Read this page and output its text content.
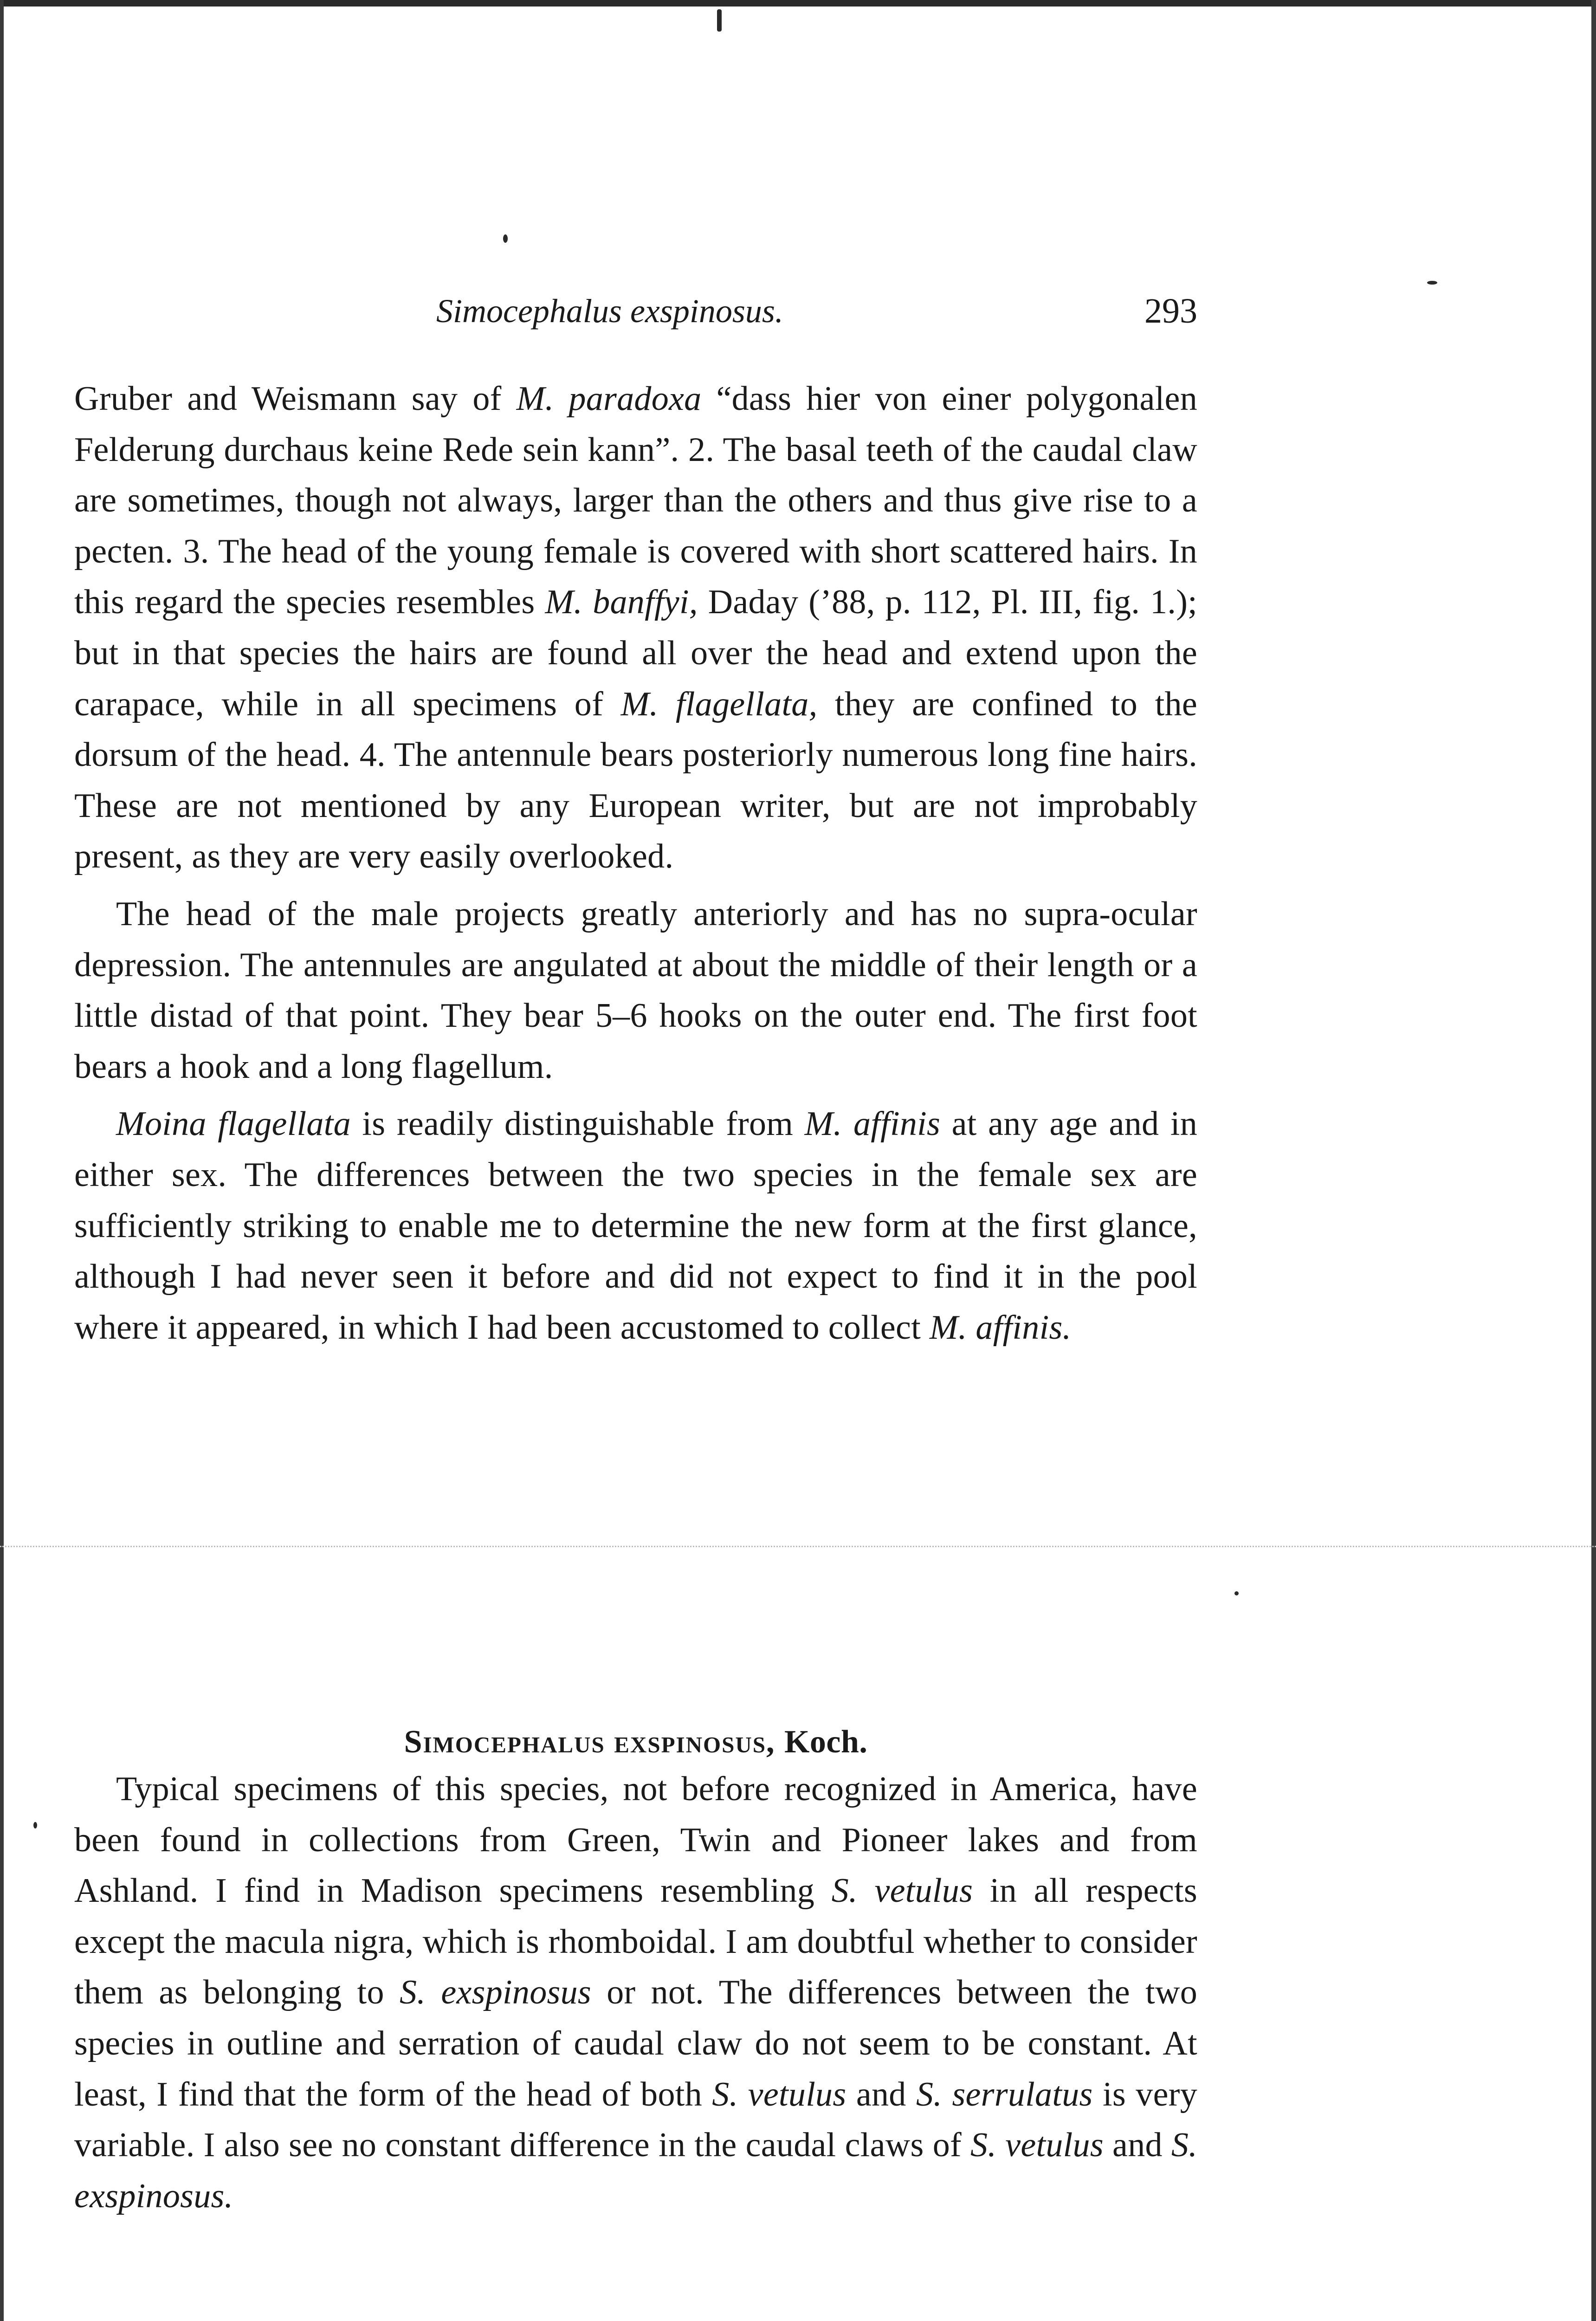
Simocephalus exspinosus.	293

Gruber and Weismann say of M. paradoxa “dass hier von einer polygonalen Felderung durchaus keine Rede sein kann”. 2. The basal teeth of the caudal claw are sometimes, though not always, larger than the others and thus give rise to a pecten. 3. The head of the young female is covered with short scattered hairs. In this regard the species resembles M. banffyi, Daday (’88, p. 112, Pl. III, fig. 1.); but in that species the hairs are found all over the head and extend upon the carapace, while in all specimens of M. flagellata, they are confined to the dorsum of the head. 4. The antennule bears posteriorly numerous long fine hairs. These are not mentioned by any European writer, but are not improbably present, as they are very easily overlooked.

The head of the male projects greatly anteriorly and has no supra-ocular depression. The antennules are angulated at about the middle of their length or a little distad of that point. They bear 5–6 hooks on the outer end. The first foot bears a hook and a long flagellum.

Moina flagellata is readily distinguishable from M. affinis at any age and in either sex. The differences between the two species in the female sex are sufficiently striking to enable me to determine the new form at the first glance, although I had never seen it before and did not expect to find it in the pool where it appeared, in which I had been accustomed to collect M. affinis.

Simocephalus exspinosus, Koch.

Typical specimens of this species, not before recognized in America, have been found in collections from Green, Twin and Pioneer lakes and from Ashland. I find in Madison specimens resembling S. vetulus in all respects except the macula nigra, which is rhomboidal. I am doubtful whether to consider them as belonging to S. exspinosus or not. The differences between the two species in outline and serration of caudal claw do not seem to be constant. At least, I find that the form of the head of both S. vetulus and S. serrulatus is very variable. I also see no constant difference in the caudal claws of S. vetulus and S. exspinosus.
